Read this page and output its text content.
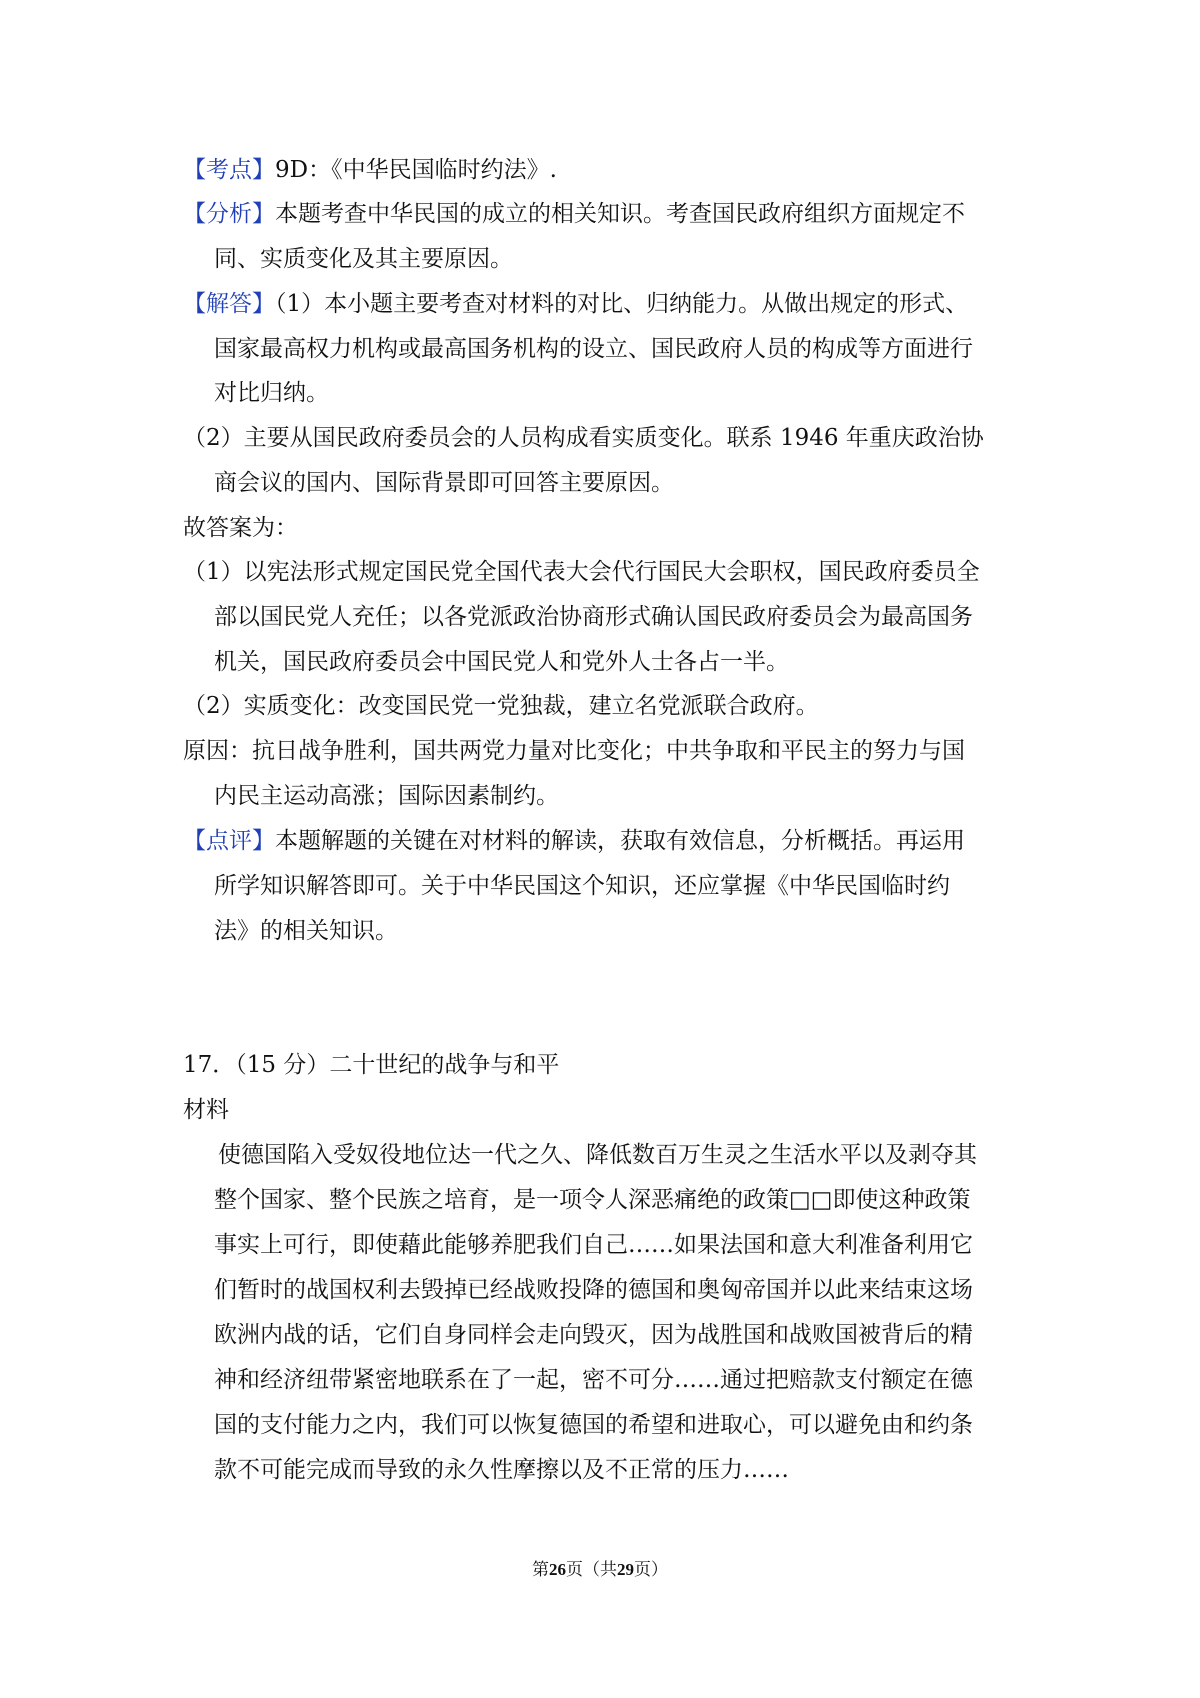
【考点】9D：《中华民国临时约法》.
【分析】本题考查中华民国的成立的相关知识。考查国民政府组织方面规定不
同、实质变化及其主要原因。
【解答】（1）本小题主要考查对材料的对比、归纳能力。从做出规定的形式、
国家最高权力机构或最高国务机构的设立、国民政府人员的构成等方面进行
对比归纳。
（2）主要从国民政府委员会的人员构成看实质变化。联系 1946 年重庆政治协
商会议的国内、国际背景即可回答主要原因。
故答案为：
（1）以宪法形式规定国民党全国代表大会代行国民大会职权，国民政府委员全
部以国民党人充任；以各党派政治协商形式确认国民政府委员会为最高国务
机关，国民政府委员会中国民党人和党外人士各占一半。
（2）实质变化：改变国民党一党独裁，建立名党派联合政府。
原因：抗日战争胜利，国共两党力量对比变化；中共争取和平民主的努力与国
内民主运动高涨；国际因素制约。
【点评】本题解题的关键在对材料的解读，获取有效信息，分析概括。再运用
所学知识解答即可。关于中华民国这个知识，还应掌握《中华民国临时约
法》的相关知识。
17．（15 分）二十世纪的战争与和平
材料
使德国陷入受奴役地位达一代之久、降低数百万生灵之生活水平以及剥夺其
整个国家、整个民族之培育，是一项令人深恶痛绝的政策□□即使这种政策
事实上可行，即使藉此能够养肥我们自己……如果法国和意大利准备利用它
们暂时的战国权利去毁掉已经战败投降的德国和奥匈帝国并以此来结束这场
欧洲内战的话，它们自身同样会走向毁灭，因为战胜国和战败国被背后的精
神和经济纽带紧密地联系在了一起，密不可分……通过把赔款支付额定在德
国的支付能力之内，我们可以恢复德国的希望和进取心，可以避免由和约条
款不可能完成而导致的永久性摩擦以及不正常的压力……
第26页（共29页）
